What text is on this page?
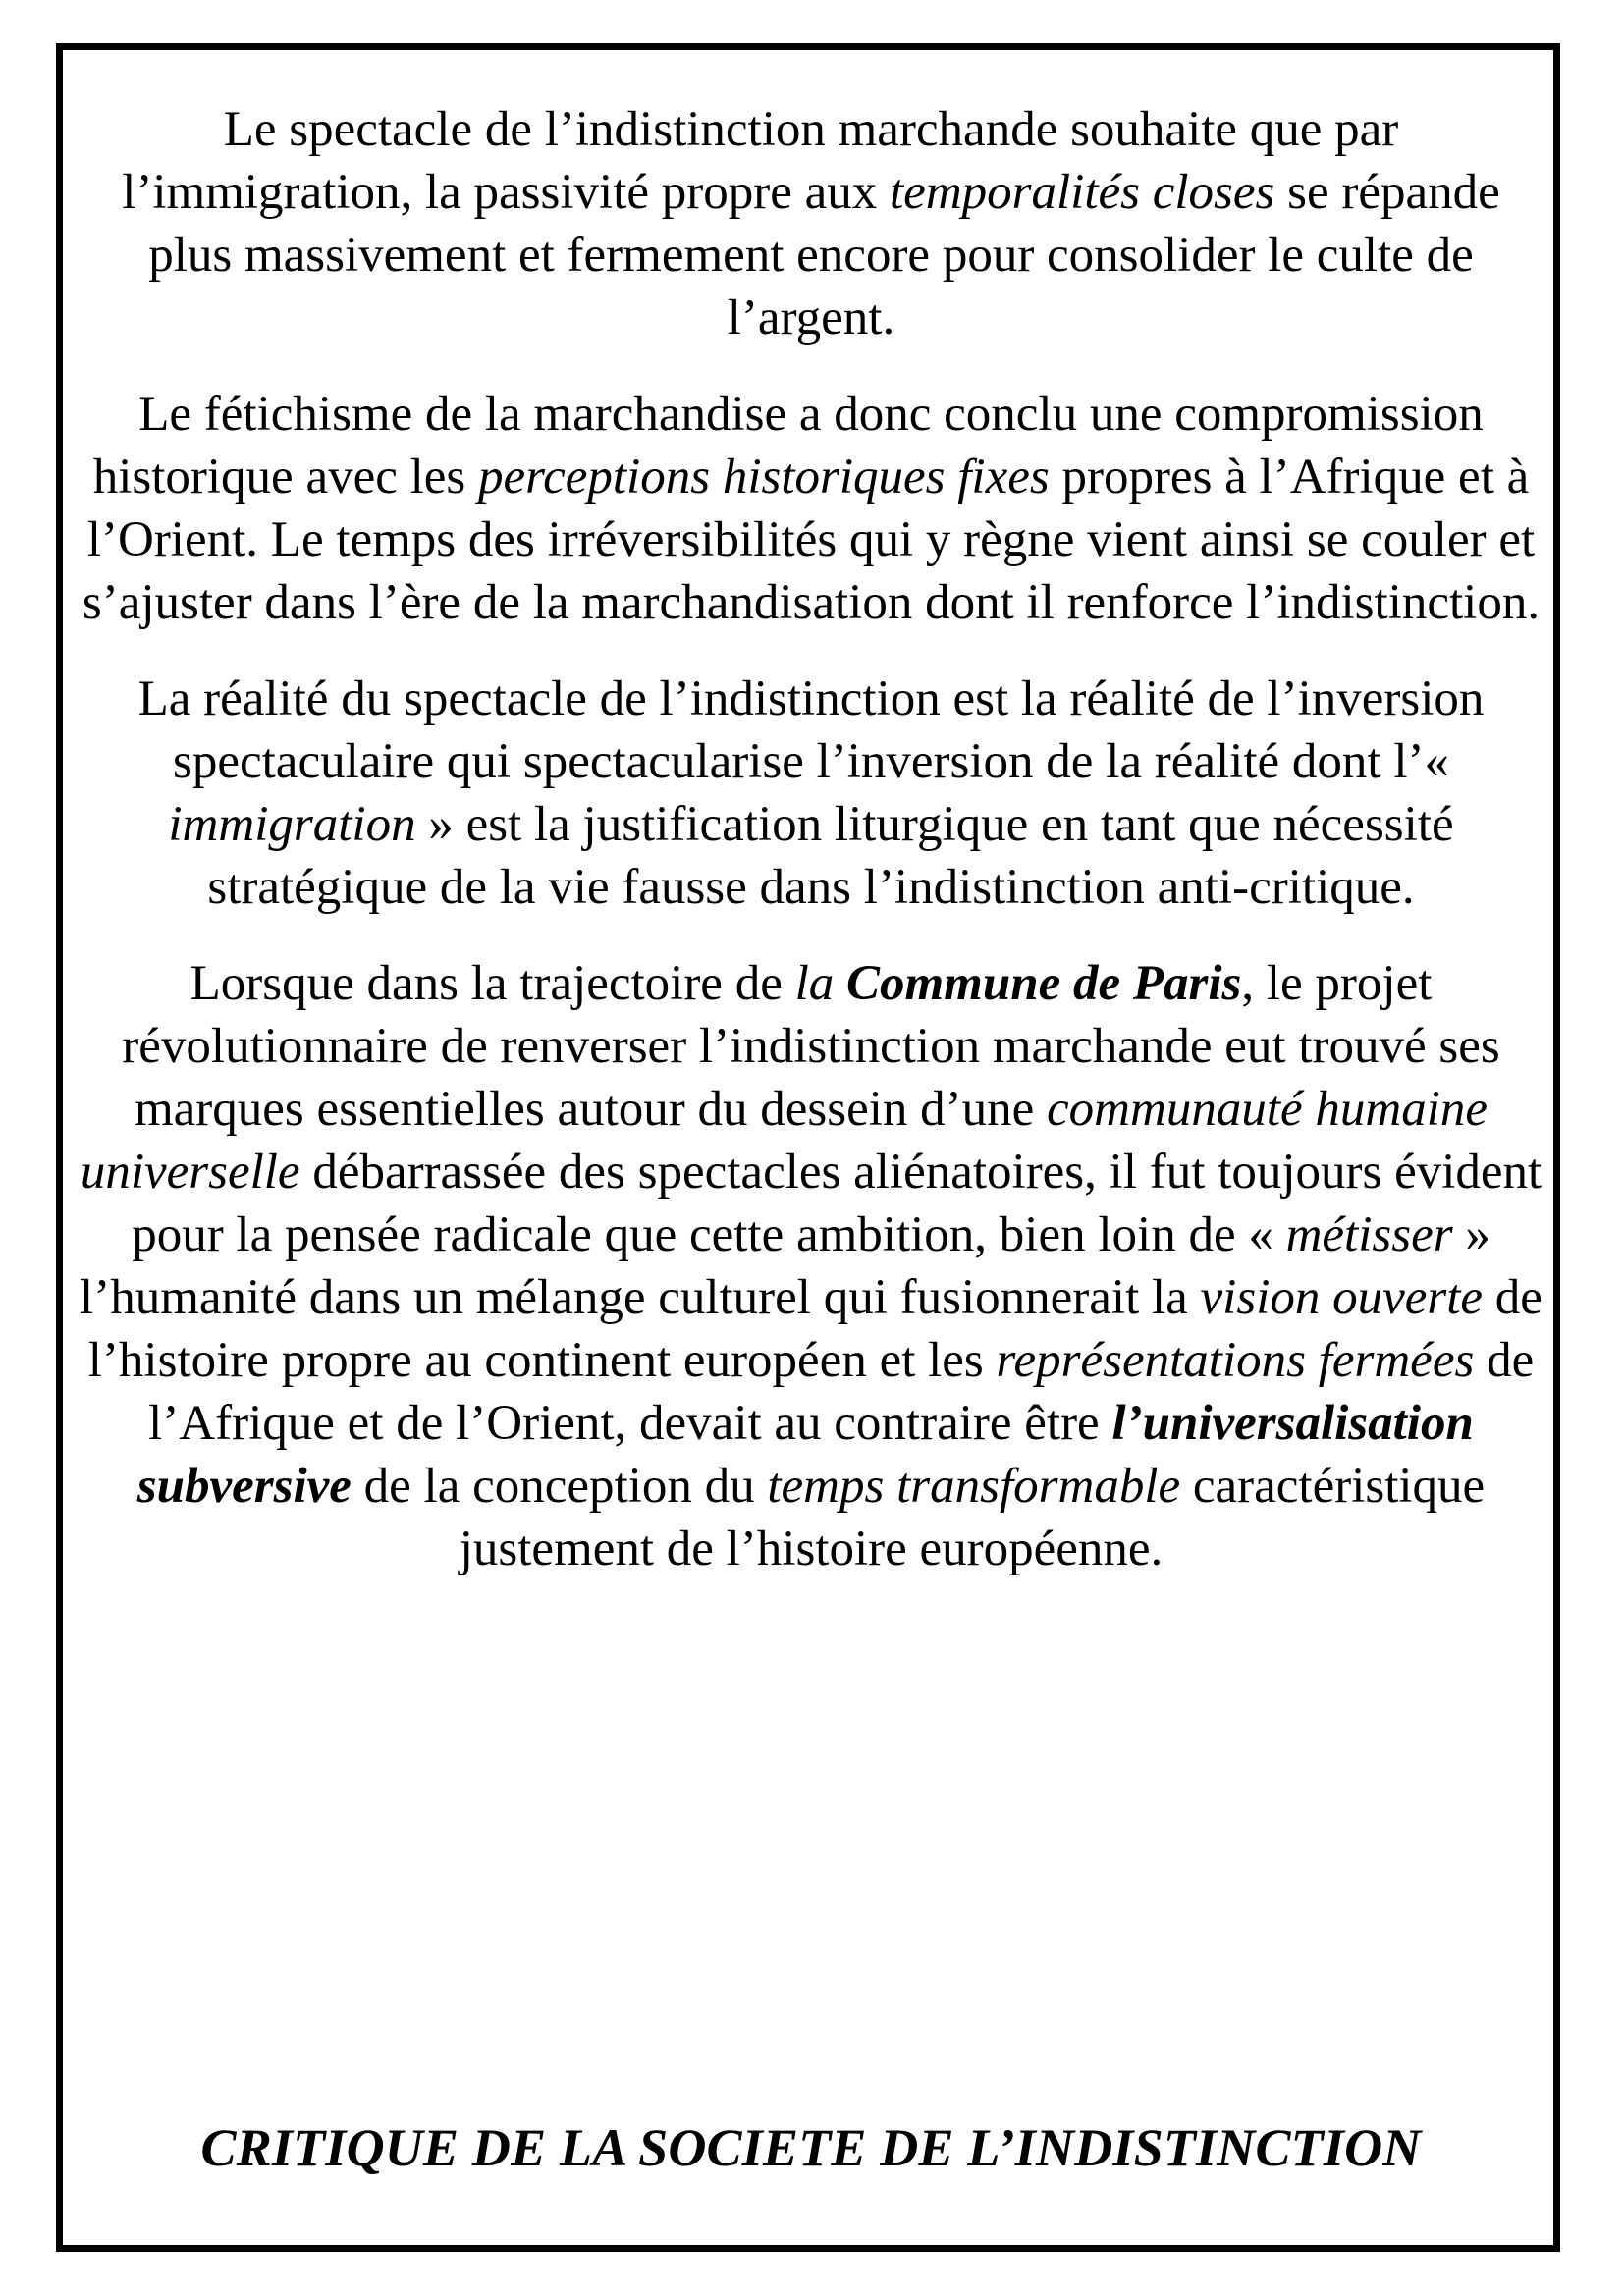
Le spectacle de l’indistinction marchande souhaite que par l’immigration, la passivité propre aux temporalités closes se répande plus massivement et fermement encore pour consolider le culte de l’argent.

Le fétichisme de la marchandise a donc conclu une compromission historique avec les perceptions historiques fixes propres à l’Afrique et à l’Orient. Le temps des irréversibilités qui y règne vient ainsi se couler et s’ajuster dans l’ère de la marchandisation dont il renforce l’indistinction.

La réalité du spectacle de l’indistinction est la réalité de l’inversion spectaculaire qui spectacularise l’inversion de la réalité dont l’« immigration » est la justification liturgique en tant que nécessité stratégique de la vie fausse dans l’indistinction anti-critique.

Lorsque dans la trajectoire de la Commune de Paris, le projet révolutionnaire de renverser l’indistinction marchande eut trouvé ses marques essentielles autour du dessein d’une communauté humaine universelle débarrassée des spectacles aliénatoires, il fut toujours évident pour la pensée radicale que cette ambition, bien loin de « métisser » l’humanité dans un mélange culturel qui fusionnerait la vision ouverte de l’histoire propre au continent européen et les représentations fermées de l’Afrique et de l’Orient, devait au contraire être l’universalisation subversive de la conception du temps transformable caractéristique justement de l’histoire européenne.

CRITIQUE DE LA SOCIETE DE L’INDISTINCTION
